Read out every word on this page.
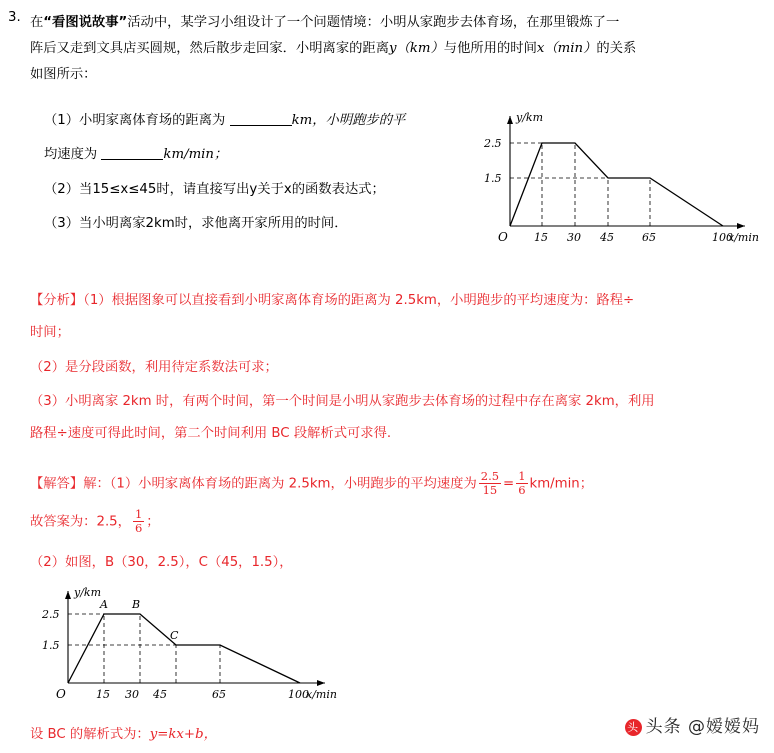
3. 在“看图说故事”活动中，某学习小组设计了一个问题情境：小明从家跑步去体育场，在那里锻炼了一
阵后又走到文具店买圆规，然后散步走回家．小明离家的距离y（km）与他所用的时间x（min）的关系
如图所示：
（1）小明家离体育场的距离为	km，小明跑步的平
均速度为	km/min；
（2）当15≤x≤45时，请直接写出y关于x的函数表达式；
（3）当小明离家2km时，求他离开家所用的时间．
2.5
1.5
O 15 30 45	65	100
y/km
x/min
【分析】（1）根据图象可以直接看到小明家离体育场的距离为 2.5km，小明跑步的平均速度为：路程÷
时间；
（2）是分段函数，利用待定系数法可求；
（3）小明离家 2km 时，有两个时间，第一个时间是小明从家跑步去体育场的过程中存在离家 2km，利用
路程÷速度可得此时间，第二个时间利用 BC 段解析式可求得.
【解答】解：（1）小明家离体育场的距离为 2.5km，小明跑步的平均速度为 $\frac{2.5}{15} = \frac{1}{6} km/\min$；
故答案为：2.5， $\frac{1}{6}$ ；
（2）如图，B（30，2.5），C（45，1.5），
2.5
1.5
O	15 30 45	65	100
y/km
x/min
A B
C
设 BC 的解析式为：y=kx+b，	头 头条 @嫒嫒妈
